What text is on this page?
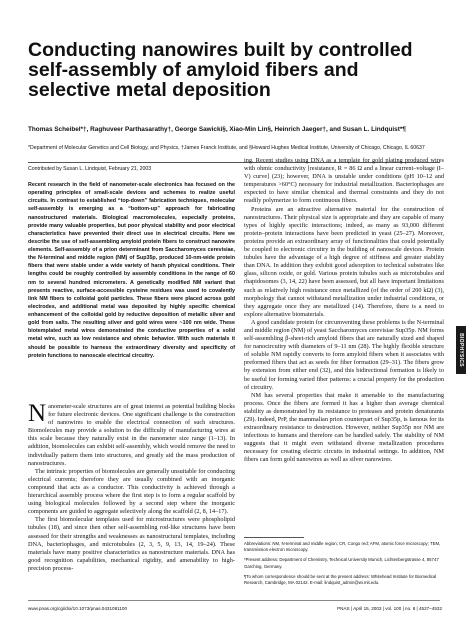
Conducting nanowires built by controlled
self-assembly of amyloid fibers and
selective metal deposition
Thomas Scheibel*†, Raghuveer Parthasarathy†, George Sawicki§, Xiao-Min Lin§, Heinrich Jaeger†, and Susan L. Lindquist*¶
*Department of Molecular Genetics and Cell Biology, and Physics, †James Franck Institute, and §Howard Hughes Medical Institute, University of Chicago, Chicago, IL 60637
Contributed by Susan L. Lindquist, February 21, 2003
Recent research in the field of nanometer-scale electronics has focused on the operating principles of small-scale devices and schemes to realize useful circuits. In contrast to established “top-down” fabrication techniques, molecular self-assembly is emerging as a “bottom-up” approach for fabricating nanostructured materials. Biological macromolecules, especially proteins, provide many valuable properties, but poor physical stability and poor electrical characteristics have prevented their direct use in electrical circuits. Here we describe the use of self-assembling amyloid protein fibers to construct nanowire elements. Self-assembly of a prion determinant from Saccharomyces cerevisiae, the N-terminal and middle region (NM) of Sup35p, produced 10-nm-wide protein fibers that were stable under a wide variety of harsh physical conditions. Their lengths could be roughly controlled by assembly conditions in the range of 60 nm to several hundred micrometers. A genetically modified NM variant that presents reactive, surface-accessible cysteine residues was used to covalently link NM fibers to colloidal gold particles. These fibers were placed across gold electrodes, and additional metal was deposited by highly specific chemical enhancement of the colloidal gold by reductive deposition of metallic silver and gold from salts. The resulting silver and gold wires were ~100 nm wide. These biotemplated metal wires demonstrated the conductive properties of a solid metal wire, such as low resistance and ohmic behavior. With such materials it should be possible to harness the extraordinary diversity and specificity of protein functions to nanoscale electrical circuitry.

Nanometer-scale structures are of great interest as potential building blocks for future electronic devices. One significant challenge is the construction of nanowires to enable the electrical connection of such structures. Biomolecules may provide a solution to the difficulty of manufacturing wires at this scale because they naturally exist in the nanometer size range (1–13). In addition, biomolecules can exhibit self-assembly, which would remove the need to individually pattern them into structures, and greatly aid the mass production of nanostructures.

The intrinsic properties of biomolecules are generally unsuitable for conducting electrical currents; therefore they are usually combined with an inorganic compound that acts as a conductor. This conductivity is achieved through a hierarchical assembly process where the first step is to form a regular scaffold by using biological molecules followed by a second step where the inorganic components are guided to aggregate selectively along the scaffold (2, 8, 14–17).

The first biomolecular templates used for microstructures were phospholipid tubules (18), and since then other self-assembling rod-like structures have been assessed for their strengths and weaknesses as nanostructural templates, including DNA, bacteriophages, and microtubules (2, 3, 5, 9, 13, 14, 19–24). These materials have many positive characteristics as nanostructure materials. DNA has good recognition capabilities, mechanical rigidity, and amenability to high-precision process-

ing. Recent studies using DNA as a template for gold plating produced wires with ohmic conductivity [resistance, R = 86 Ω and a linear current–voltage (I–V) curve] (23); however, DNA is unstable under conditions (pH 10–12 and temperatures >60°C) necessary for industrial metallization. Bacteriophages are expected to have similar chemical and thermal constraints and they do not readily polymerize to form continuous fibers.

Proteins are an attractive alternative material for the construction of nanostructures. Their physical size is appropriate and they are capable of many types of highly specific interactions; indeed, as many as 93,000 different protein–protein interactions have been predicted in yeast (25–27). Moreover, proteins provide an extraordinary array of functionalities that could potentially be coupled to electronic circuitry in the building of nanoscale devices. Protein tubules have the advantage of a high degree of stiffness and greater stability than DNA. In addition they exhibit good adsorption to technical substrates like glass, silicon oxide, or gold. Various protein tubules such as microtubules and rhapidosomes (3, 14, 22) have been assessed, but all have important limitations such as relatively high resistance once metallized (of the order of 200 kΩ) (3), morphology that cannot withstand metallization under industrial conditions, or they aggregate once they are metallized (14). Therefore, there is a need to explore alternative biomaterials.

A good candidate protein for circumventing these problems is the N-terminal and middle region (NM) of yeast Saccharomyces cerevisiae Sup35p. NM forms self-assembling β-sheet-rich amyloid fibers that are naturally sized and shaped for nanocircuitry with diameters of 9–11 nm (28). The highly flexible structure of soluble NM rapidly converts to form amyloid fibers when it associates with preformed fibers that act as seeds for fiber formation (29–31). The fibers grow by extension from either end (32), and this bidirectional formation is likely to be useful for forming varied fiber patterns: a crucial property for the production of circuitry.

NM has several properties that make it amenable to the manufacturing process. Once the fibers are formed it has a higher than average chemical stability as demonstrated by its resistance to proteases and protein denaturants (29). Indeed, PrP, the mammalian prion counterpart of Sup35p, is famous for its extraordinary resistance to destruction. However, neither Sup35p nor NM are infectious to humans and therefore can be handled safely. The stability of NM suggests that it might even withstand diverse metallization procedures necessary for creating electric circuits in industrial settings. In addition, NM fibers can form gold nanowires as well as silver nanowires.

Abbreviations: NM, N-terminal and middle region; CR, Congo red; AFM, atomic force microscopy; TEM, transmission electron microscopy.

*Present address: Department of Chemistry, Technical University Munich, Lichtenbergstrasse 4, 85747 Garching, Germany.

¶To whom correspondence should be sent at the present address: Whitehead Institute for Biomedical Research, Cambridge, MA 02142. E-mail: lindquist_admin@wi.mit.edu.

www.pnas.org/cgi/doi/10.1073/pnas.0431081100	PNAS | April 15, 2003 | vol. 100 | no. 8 | 4527–4532
BIOPHYSICS
